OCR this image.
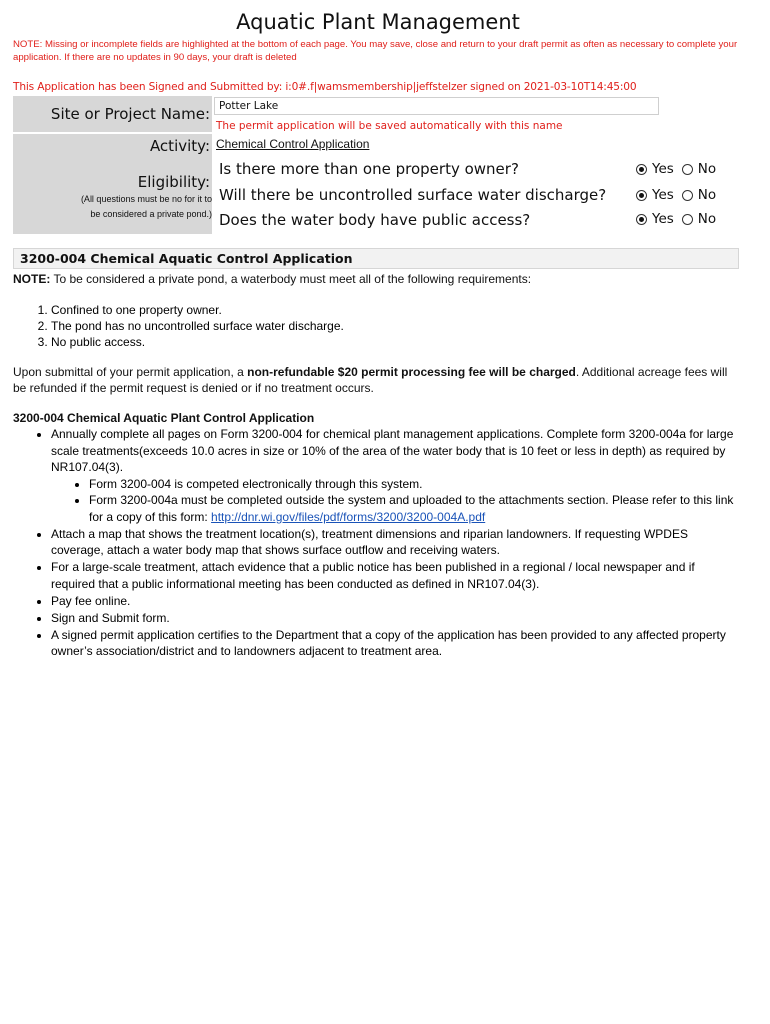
Aquatic Plant Management
NOTE: Missing or incomplete fields are highlighted at the bottom of each page. You may save, close and return to your draft permit as often as necessary to complete your application. If there are no updates in 90 days, your draft is deleted
This Application has been Signed and Submitted by: i:0#.f|wamsmembership|jeffstelzer signed on 2021-03-10T14:45:00
Site or Project Name:
Potter Lake
The permit application will be saved automatically with this name
Activity: Chemical Control Application
Eligibility:
(All questions must be no for it to be considered a private pond.)
Is there more than one property owner?
Will there be uncontrolled surface water discharge?
Does the water body have public access?
Yes No
Yes No
Yes No
3200-004 Chemical Aquatic Control Application
NOTE: To be considered a private pond, a waterbody must meet all of the following requirements:
1. Confined to one property owner.
2. The pond has no uncontrolled surface water discharge.
3. No public access.
Upon submittal of your permit application, a non-refundable $20 permit processing fee will be charged. Additional acreage fees will be refunded if the permit request is denied or if no treatment occurs.
3200-004 Chemical Aquatic Plant Control Application
• Annually complete all pages on Form 3200-004 for chemical plant management applications. Complete form 3200-004a for large scale treatments(exceeds 10.0 acres in size or 10% of the area of the water body that is 10 feet or less in depth) as required by NR107.04(3).
• Form 3200-004 is competed electronically through this system.
• Form 3200-004a must be completed outside the system and uploaded to the attachments section. Please refer to this link for a copy of this form: http://dnr.wi.gov/files/pdf/forms/3200/3200-004A.pdf
• Attach a map that shows the treatment location(s), treatment dimensions and riparian landowners. If requesting WPDES coverage, attach a water body map that shows surface outflow and receiving waters.
• For a large-scale treatment, attach evidence that a public notice has been published in a regional / local newspaper and if required that a public informational meeting has been conducted as defined in NR107.04(3).
• Pay fee online.
• Sign and Submit form.
• A signed permit application certifies to the Department that a copy of the application has been provided to any affected property owner’s association/district and to landowners adjacent to treatment area.
